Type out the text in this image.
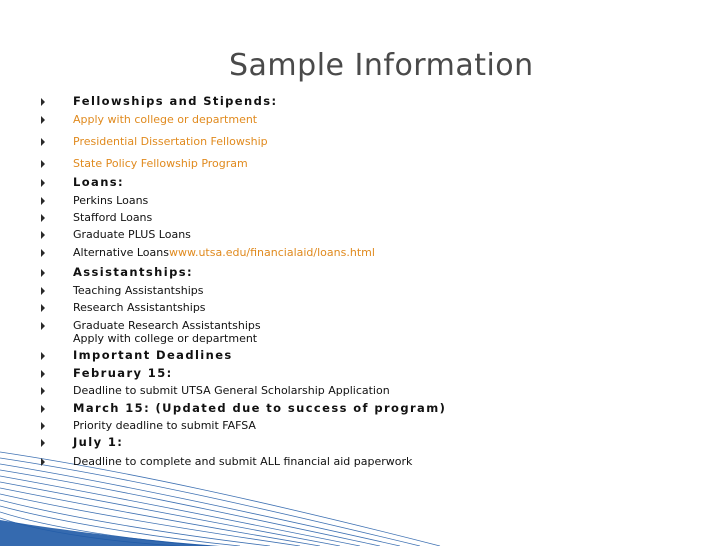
Sample Information
Fellowships and Stipends:
Apply with college or department
Presidential Dissertation Fellowship
State Policy Fellowship Program
Loans:
Perkins Loans
Stafford Loans
Graduate PLUS Loans
Alternative Loanswww.utsa.edu/financialaid/loans.html
Assistantships:
Teaching Assistantships
Research Assistantships
Graduate Research Assistantships
Apply with college or department
Important Deadlines
February 15:
Deadline to submit UTSA General Scholarship Application
March 15: (Updated due to success of program)
Priority deadline to submit FAFSA
July 1:
Deadline to complete and submit ALL financial aid paperwork
